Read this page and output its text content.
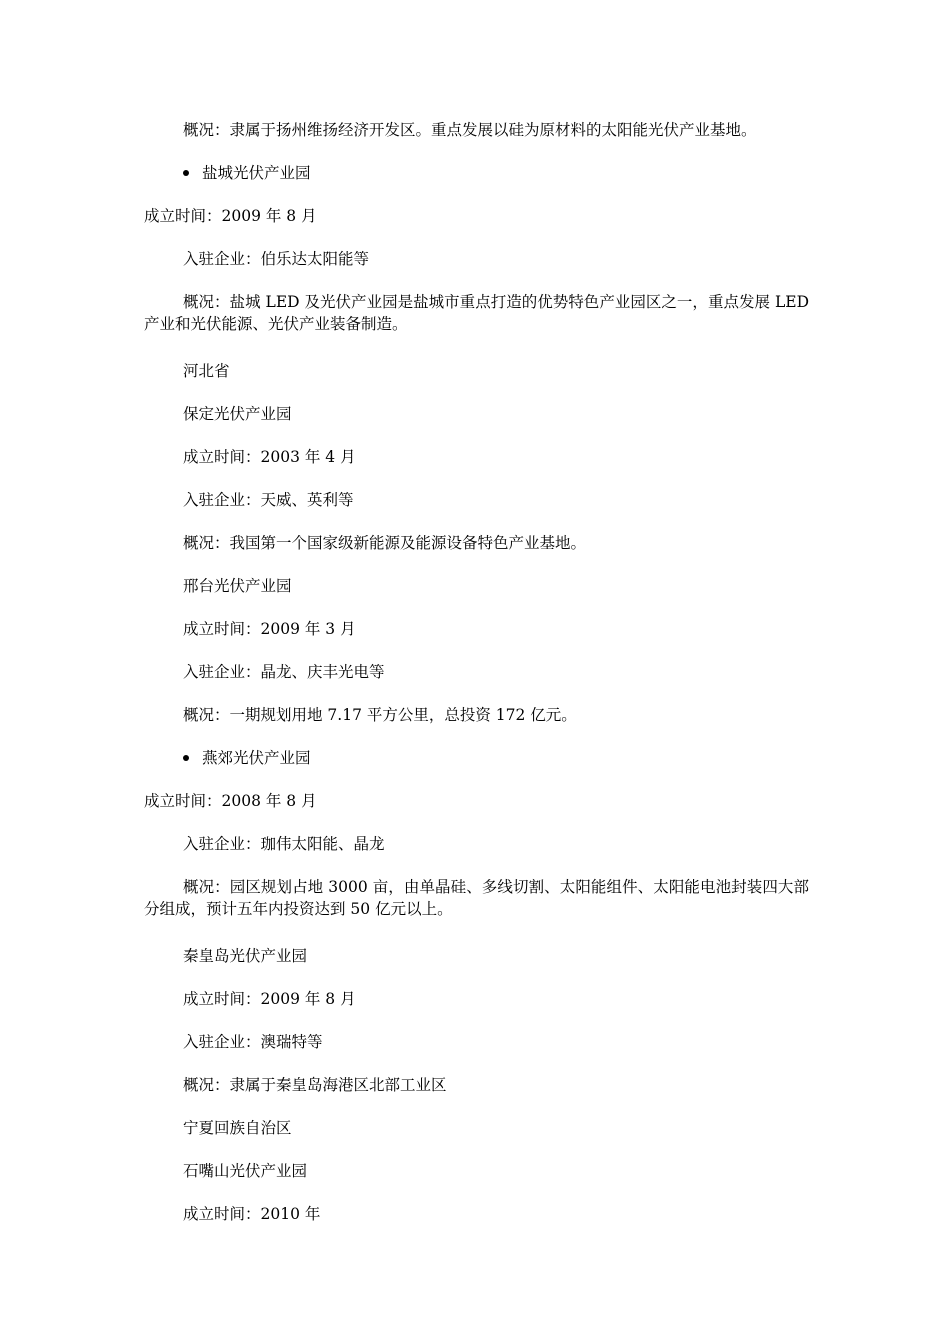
概况：隶属于扬州维扬经济开发区。重点发展以硅为原材料的太阳能光伏产业基地。
盐城光伏产业园
成立时间：2009 年 8 月
入驻企业：伯乐达太阳能等
概况：盐城 LED 及光伏产业园是盐城市重点打造的优势特色产业园区之一，重点发展 LED 产业和光伏能源、光伏产业装备制造。
河北省
保定光伏产业园
成立时间：2003 年 4 月
入驻企业：天威、英利等
概况：我国第一个国家级新能源及能源设备特色产业基地。
邢台光伏产业园
成立时间：2009 年 3 月
入驻企业：晶龙、庆丰光电等
概况：一期规划用地 7.17 平方公里，总投资 172 亿元。
燕郊光伏产业园
成立时间：2008 年 8 月
入驻企业：珈伟太阳能、晶龙
概况：园区规划占地 3000 亩，由单晶硅、多线切割、太阳能组件、太阳能电池封装四大部分组成，预计五年内投资达到 50 亿元以上。
秦皇岛光伏产业园
成立时间：2009 年 8 月
入驻企业：澳瑞特等
概况：隶属于秦皇岛海港区北部工业区
宁夏回族自治区
石嘴山光伏产业园
成立时间：2010 年
